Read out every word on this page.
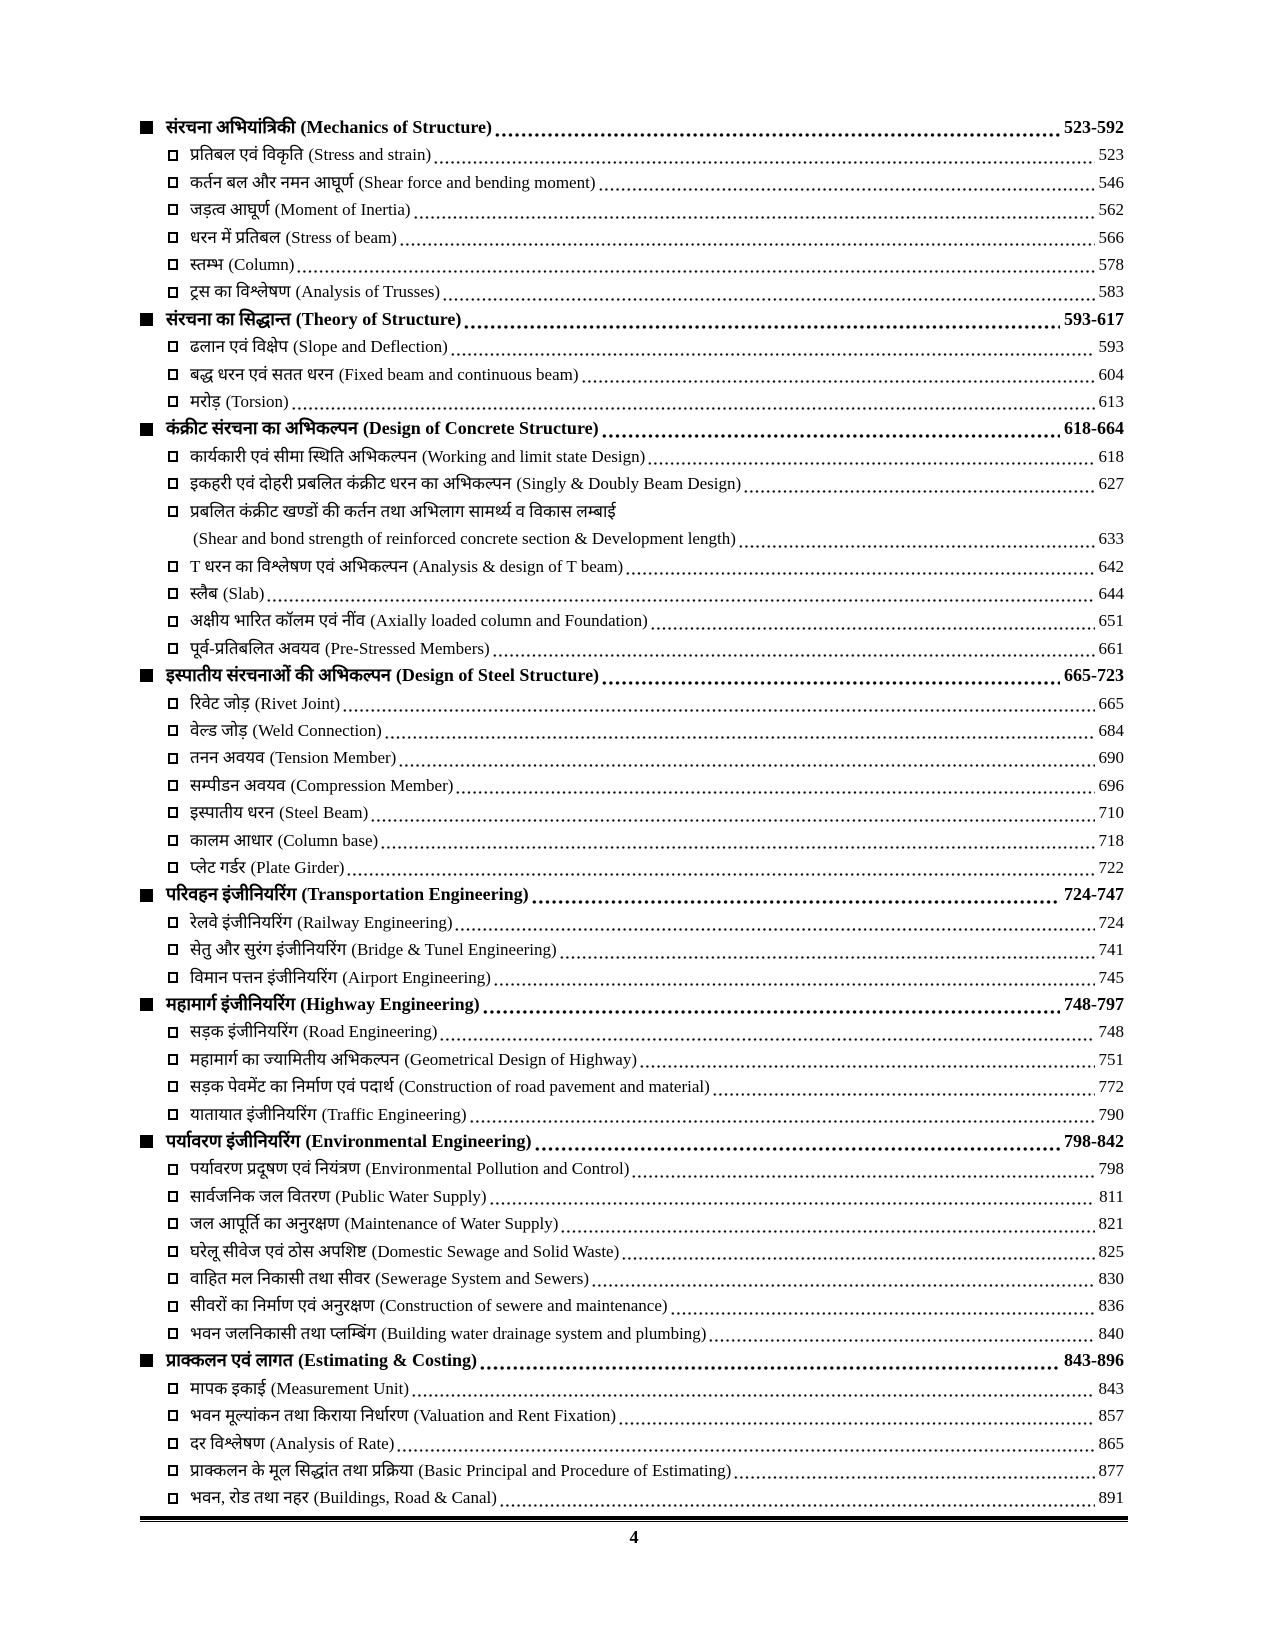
संरचना अभियांत्रिकी (Mechanics of Structure)	523-592
प्रतिबल एवं विकृति (Stress and strain)	523
कर्तन बल और नमन आघूर्ण (Shear force and bending moment)	546
जड़त्व आघूर्ण (Moment of Inertia)	562
धरन में प्रतिबल (Stress of beam)	566
स्तम्भ (Column)	578
ट्रस का विश्लेषण (Analysis of Trusses)	583
संरचना का सिद्धान्त (Theory of Structure)	593-617
ढलान एवं विक्षेप (Slope and Deflection)	593
बद्ध धरन एवं सतत धरन (Fixed beam and continuous beam)	604
मरोड़ (Torsion)	613
कंक्रीट संरचना का अभिकल्पन (Design of Concrete Structure)	618-664
कार्यकारी एवं सीमा स्थिति अभिकल्पन (Working and limit state Design)	618
इकहरी एवं दोहरी प्रबलित कंक्रीट धरन का अभिकल्पन (Singly & Doubly Beam Design)	627
प्रबलित कंक्रीट खण्डों की कर्तन तथा अभिलाग सामर्थ्य व विकास लम्बाई
(Shear and bond strength of reinforced concrete section & Development length)	633
T धरन का विश्लेषण एवं अभिकल्पन (Analysis & design of T beam)	642
स्लैब (Slab)	644
अक्षीय भारित कॉलम एवं नींव (Axially loaded column and Foundation)	651
पूर्व-प्रतिबलित अवयव (Pre-Stressed Members)	661
इस्पातीय संरचनाओं की अभिकल्पन (Design of Steel Structure)	665-723
रिवेट जोड़ (Rivet Joint)	665
वेल्ड जोड़ (Weld Connection)	684
तनन अवयव (Tension Member)	690
सम्पीडन अवयव (Compression Member)	696
इस्पातीय धरन (Steel Beam)	710
कालम आधार (Column base)	718
प्लेट गर्डर (Plate Girder)	722
परिवहन इंजीनियरिंग (Transportation Engineering)	724-747
रेलवे इंजीनियरिंग (Railway Engineering)	724
सेतु और सुरंग इंजीनियरिंग (Bridge & Tunel Engineering)	741
विमान पत्तन इंजीनियरिंग (Airport Engineering)	745
महामार्ग इंजीनियरिंग (Highway Engineering)	748-797
सड़क इंजीनियरिंग (Road Engineering)	748
महामार्ग का ज्यामितीय अभिकल्पन (Geometrical Design of Highway)	751
सड़क पेवमेंट का निर्माण एवं पदार्थ (Construction of road pavement and material)	772
यातायात इंजीनियरिंग (Traffic Engineering)	790
पर्यावरण इंजीनियरिंग (Environmental Engineering)	798-842
पर्यावरण प्रदूषण एवं नियंत्रण (Environmental Pollution and Control)	798
सार्वजनिक जल वितरण (Public Water Supply)	811
जल आपूर्ति का अनुरक्षण (Maintenance of Water Supply)	821
घरेलू सीवेज एवं ठोस अपशिष्ट (Domestic Sewage and Solid Waste)	825
वाहित मल निकासी तथा सीवर (Sewerage System and Sewers)	830
सीवरों का निर्माण एवं अनुरक्षण (Construction of sewere and maintenance)	836
भवन जलनिकासी तथा प्लम्बिंग (Building water drainage system and plumbing)	840
प्राक्कलन एवं लागत (Estimating & Costing)	843-896
मापक इकाई (Measurement Unit)	843
भवन मूल्यांकन तथा किराया निर्धारण (Valuation and Rent Fixation)	857
दर विश्लेषण (Analysis of Rate)	865
प्राक्कलन के मूल सिद्धांत तथा प्रक्रिया (Basic Principal and Procedure of Estimating)	877
भवन, रोड तथा नहर (Buildings, Road & Canal)	891
4
